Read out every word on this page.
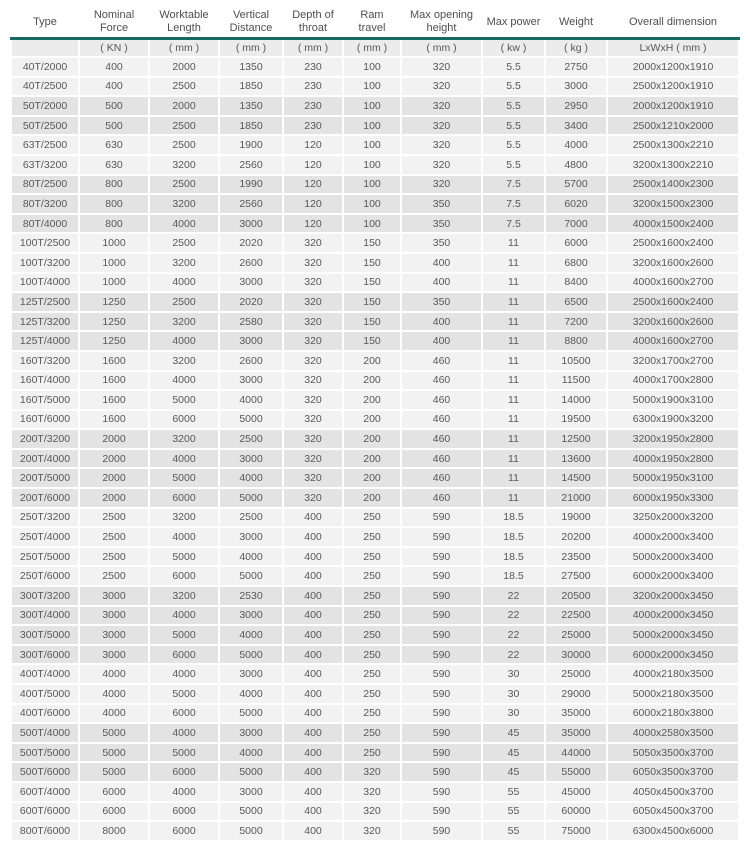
Type	Nominal Force	Worktable Length	Vertical Distance	Depth of throat	Ram travel	Max opening height	Max power	Weight	Overall dimension
	( KN )	( mm )	( mm )	( mm )	( mm )	( mm )	( kw )	( kg )	LxWxH ( mm )
40T/2000	400	2000	1350	230	100	320	5.5	2750	2000x1200x1910
40T/2500	400	2500	1850	230	100	320	5.5	3000	2500x1200x1910
50T/2000	500	2000	1350	230	100	320	5.5	2950	2000x1200x1910
50T/2500	500	2500	1850	230	100	320	5.5	3400	2500x1210x2000
63T/2500	630	2500	1900	120	100	320	5.5	4000	2500x1300x2210
63T/3200	630	3200	2560	120	100	320	5.5	4800	3200x1300x2210
80T/2500	800	2500	1990	120	100	320	7.5	5700	2500x1400x2300
80T/3200	800	3200	2560	120	100	350	7.5	6020	3200x1500x2300
80T/4000	800	4000	3000	120	100	350	7.5	7000	4000x1500x2400
100T/2500	1000	2500	2020	320	150	350	11	6000	2500x1600x2400
100T/3200	1000	3200	2600	320	150	400	11	6800	3200x1600x2600
100T/4000	1000	4000	3000	320	150	400	11	8400	4000x1600x2700
125T/2500	1250	2500	2020	320	150	350	11	6500	2500x1600x2400
125T/3200	1250	3200	2580	320	150	400	11	7200	3200x1600x2600
125T/4000	1250	4000	3000	320	150	400	11	8800	4000x1600x2700
160T/3200	1600	3200	2600	320	200	460	11	10500	3200x1700x2700
160T/4000	1600	4000	3000	320	200	460	11	11500	4000x1700x2800
160T/5000	1600	5000	4000	320	200	460	11	14000	5000x1900x3100
160T/6000	1600	6000	5000	320	200	460	11	19500	6300x1900x3200
200T/3200	2000	3200	2500	320	200	460	11	12500	3200x1950x2800
200T/4000	2000	4000	3000	320	200	460	11	13600	4000x1950x2800
200T/5000	2000	5000	4000	320	200	460	11	14500	5000x1950x3100
200T/6000	2000	6000	5000	320	200	460	11	21000	6000x1950x3300
250T/3200	2500	3200	2500	400	250	590	18.5	19000	3250x2000x3200
250T/4000	2500	4000	3000	400	250	590	18.5	20200	4000x2000x3400
250T/5000	2500	5000	4000	400	250	590	18.5	23500	5000x2000x3400
250T/6000	2500	6000	5000	400	250	590	18.5	27500	6000x2000x3400
300T/3200	3000	3200	2530	400	250	590	22	20500	3200x2000x3450
300T/4000	3000	4000	3000	400	250	590	22	22500	4000x2000x3450
300T/5000	3000	5000	4000	400	250	590	22	25000	5000x2000x3450
300T/6000	3000	6000	5000	400	250	590	22	30000	6000x2000x3450
400T/4000	4000	4000	3000	400	250	590	30	25000	4000x2180x3500
400T/5000	4000	5000	4000	400	250	590	30	29000	5000x2180x3500
400T/6000	4000	6000	5000	400	250	590	30	35000	6000x2180x3800
500T/4000	5000	4000	3000	400	250	590	45	35000	4000x2580x3500
500T/5000	5000	5000	4000	400	250	590	45	44000	5050x3500x3700
500T/6000	5000	6000	5000	400	320	590	45	55000	6050x3500x3700
600T/4000	6000	4000	3000	400	320	590	55	45000	4050x4500x3700
600T/6000	6000	6000	5000	400	320	590	55	60000	6050x4500x3700
800T/6000	8000	6000	5000	400	320	590	55	75000	6300x4500x6000
